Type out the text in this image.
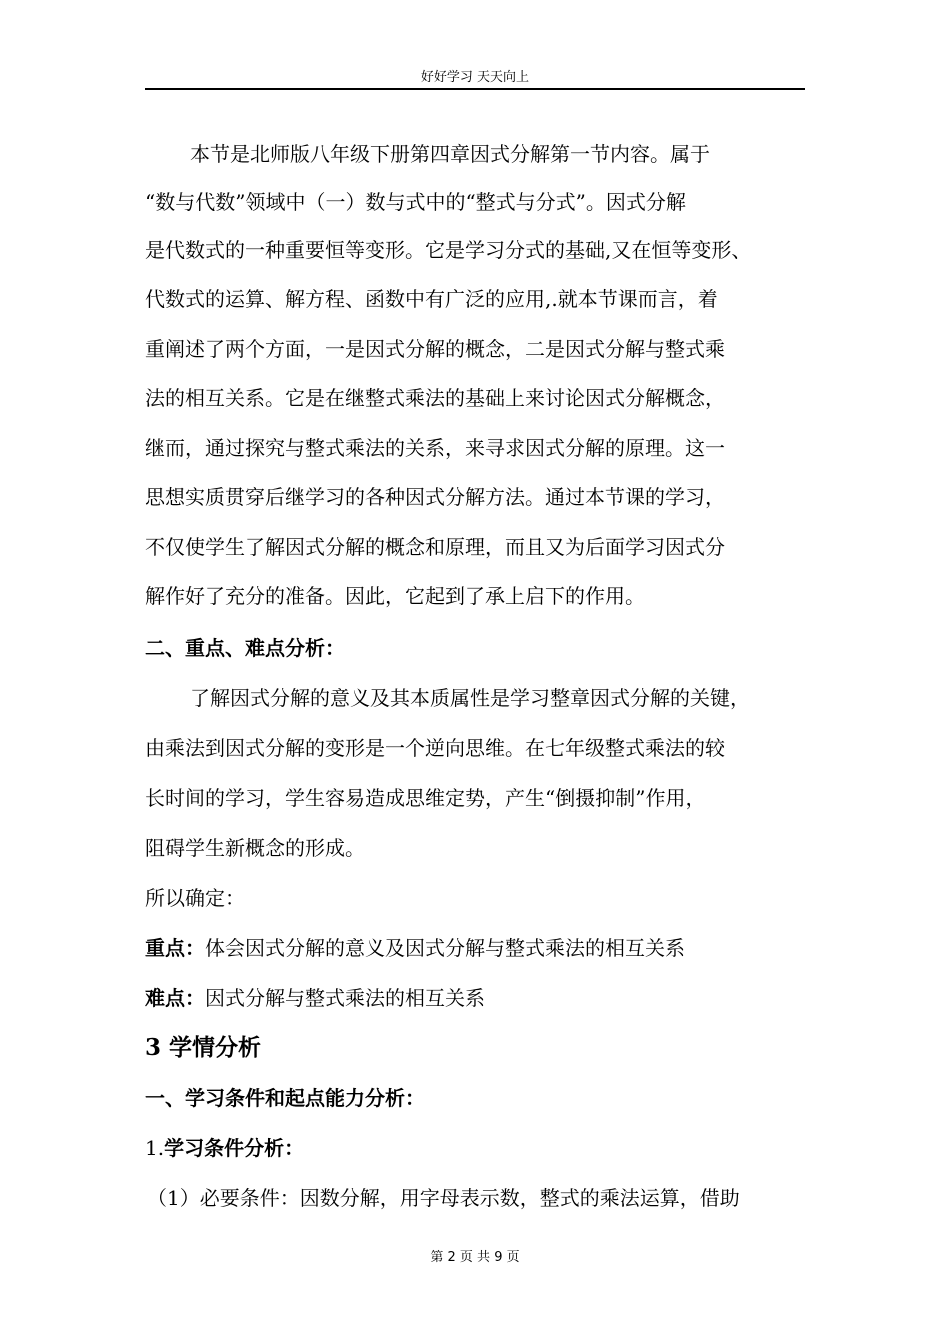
好好学习 天天向上
本节是北师版八年级下册第四章因式分解第一节内容。属于
“数与代数”领域中（一）数与式中的“整式与分式”。因式分解
是代数式的一种重要恒等变形。它是学习分式的基础,又在恒等变形、
代数式的运算、解方程、函数中有广泛的应用,.就本节课而言，着
重阐述了两个方面，一是因式分解的概念，二是因式分解与整式乘
法的相互关系。它是在继整式乘法的基础上来讨论因式分解概念，
继而，通过探究与整式乘法的关系，来寻求因式分解的原理。这一
思想实质贯穿后继学习的各种因式分解方法。通过本节课的学习，
不仅使学生了解因式分解的概念和原理，而且又为后面学习因式分
解作好了充分的准备。因此，它起到了承上启下的作用。
二、重点、难点分析：
了解因式分解的意义及其本质属性是学习整章因式分解的关键，
由乘法到因式分解的变形是一个逆向思维。在七年级整式乘法的较
长时间的学习，学生容易造成思维定势，产生“倒摄抑制”作用，
阻碍学生新概念的形成。
所以确定：
重点：体会因式分解的意义及因式分解与整式乘法的相互关系
难点：因式分解与整式乘法的相互关系
3 学情分析
一、学习条件和起点能力分析：
1.学习条件分析：
（1）必要条件：因数分解，用字母表示数，整式的乘法运算，借助
第 2 页 共 9 页
